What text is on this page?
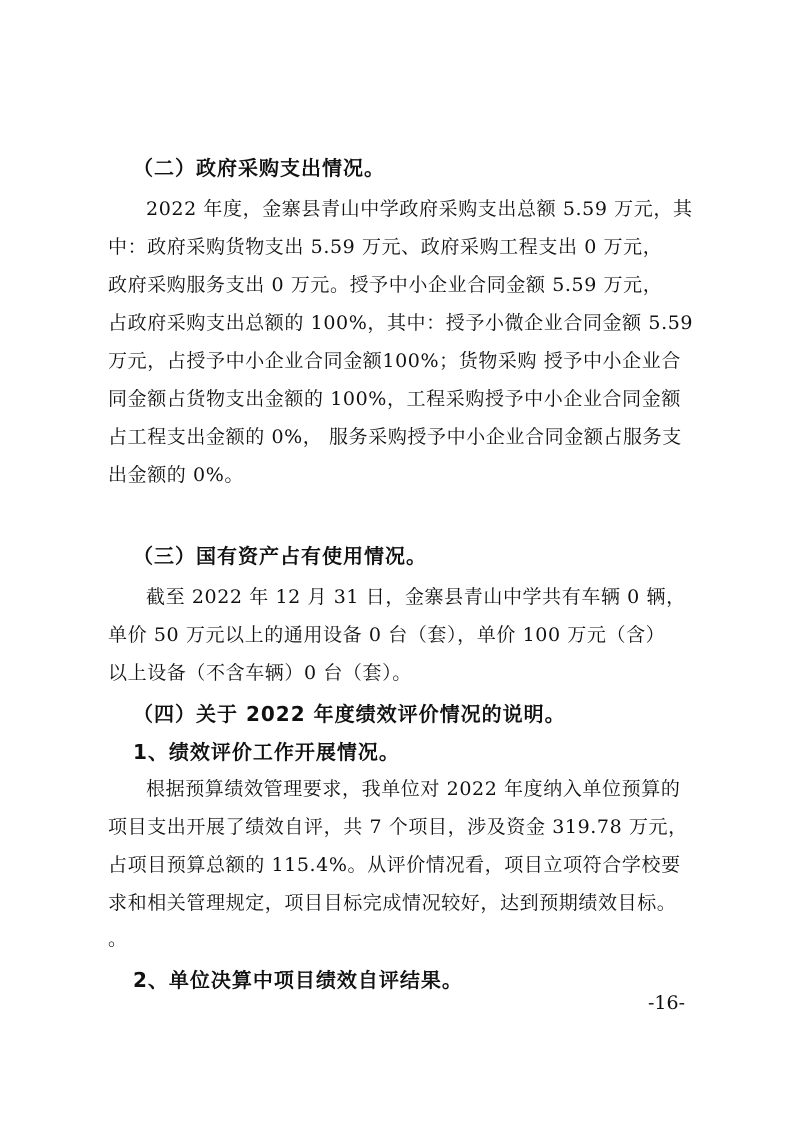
（二）政府采购支出情况。
2022 年度，金寨县青山中学政府采购支出总额 5.59 万元，其
中：政府采购货物支出 5.59 万元、政府采购工程支出 0 万元，
政府采购服务支出 0 万元。授予中小企业合同金额 5.59 万元，
占政府采购支出总额的 100%，其中：授予小微企业合同金额 5.59
万元，占授予中小企业合同金额100%；货物采购 授予中小企业合
同金额占货物支出金额的 100%，工程采购授予中小企业合同金额
占工程支出金额的 0%， 服务采购授予中小企业合同金额占服务支
出金额的 0%。
（三）国有资产占有使用情况。
截至 2022 年 12 月 31 日，金寨县青山中学共有车辆 0 辆，
单价 50 万元以上的通用设备 0 台（套），单价 100 万元（含）
以上设备（不含车辆）0 台（套）。
（四）关于 2022 年度绩效评价情况的说明。
1、绩效评价工作开展情况。
根据预算绩效管理要求，我单位对 2022 年度纳入单位预算的
项目支出开展了绩效自评，共 7 个项目，涉及资金 319.78 万元，
占项目预算总额的 115.4%。从评价情况看，项目立项符合学校要
求和相关管理规定，项目目标完成情况较好，达到预期绩效目标。
。
2、单位决算中项目绩效自评结果。
-16-
